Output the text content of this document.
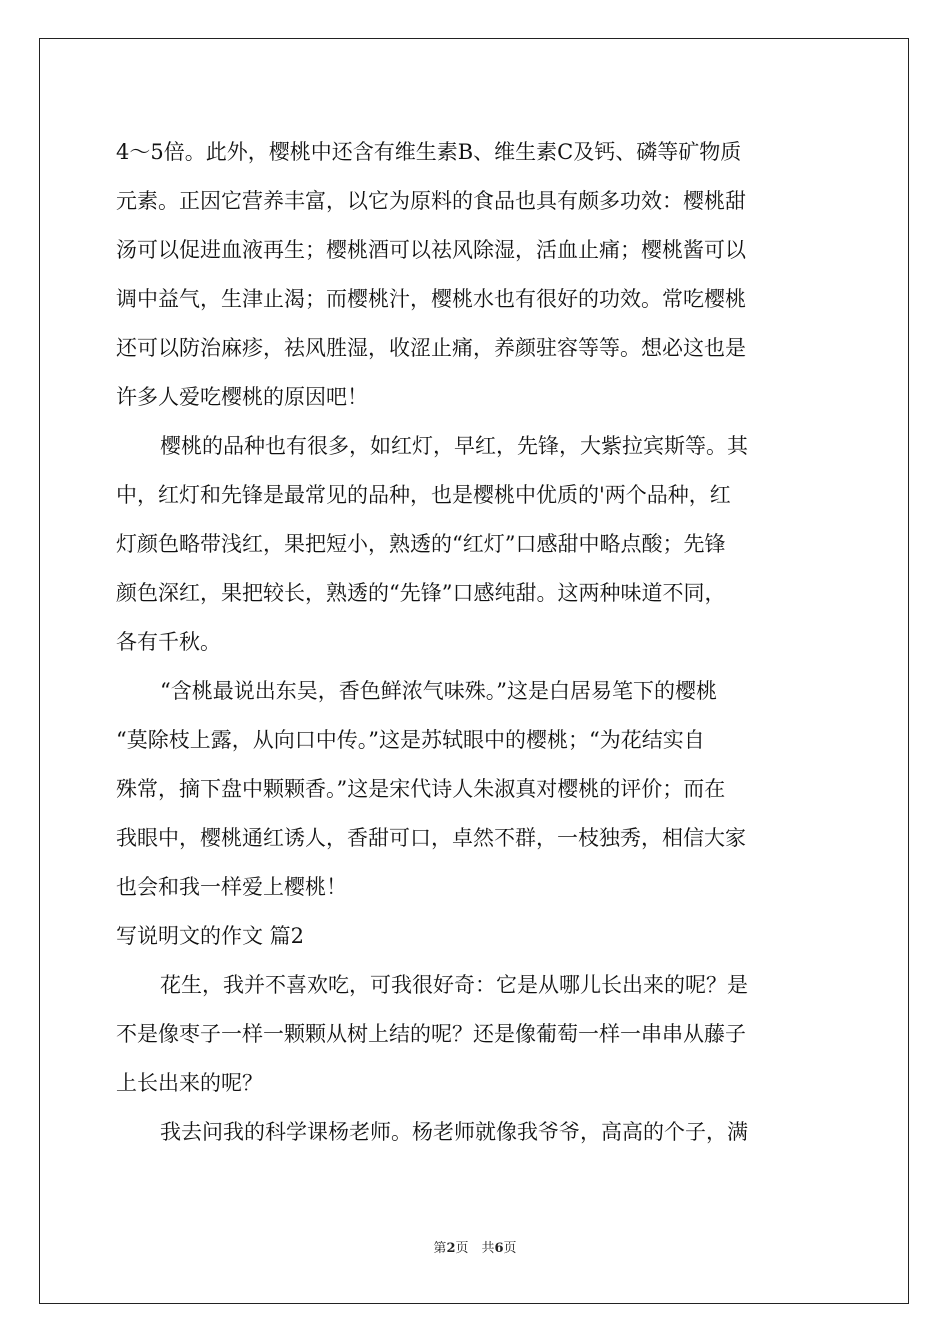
4～5倍。此外，樱桃中还含有维生素B、维生素C及钙、磷等矿物质
元素。正因它营养丰富，以它为原料的食品也具有颇多功效：樱桃甜
汤可以促进血液再生；樱桃酒可以祛风除湿，活血止痛；樱桃酱可以
调中益气，生津止渴；而樱桃汁，樱桃水也有很好的功效。常吃樱桃
还可以防治麻疹，祛风胜湿，收涩止痛，养颜驻容等等。想必这也是
许多人爱吃樱桃的原因吧！
樱桃的品种也有很多，如红灯，早红，先锋，大紫拉宾斯等。其
中，红灯和先锋是最常见的品种，也是樱桃中优质的'两个品种，红
灯颜色略带浅红，果把短小，熟透的“红灯”口感甜中略点酸；先锋
颜色深红，果把较长，熟透的“先锋”口感纯甜。这两种味道不同，
各有千秋。
“含桃最说出东吴，香色鲜浓气味殊。”这是白居易笔下的樱桃
“莫除枝上露，从向口中传。”这是苏轼眼中的樱桃；“为花结实自
殊常，摘下盘中颗颗香。”这是宋代诗人朱淑真对樱桃的评价；而在
我眼中，樱桃通红诱人，香甜可口，卓然不群，一枝独秀，相信大家
也会和我一样爱上樱桃！
写说明文的作文 篇2
花生，我并不喜欢吃，可我很好奇：它是从哪儿长出来的呢？是
不是像枣子一样一颗颗从树上结的呢？还是像葡萄一样一串串从藤子
上长出来的呢？
我去问我的科学课杨老师。杨老师就像我爷爷，高高的个子，满
第2页　共6页
